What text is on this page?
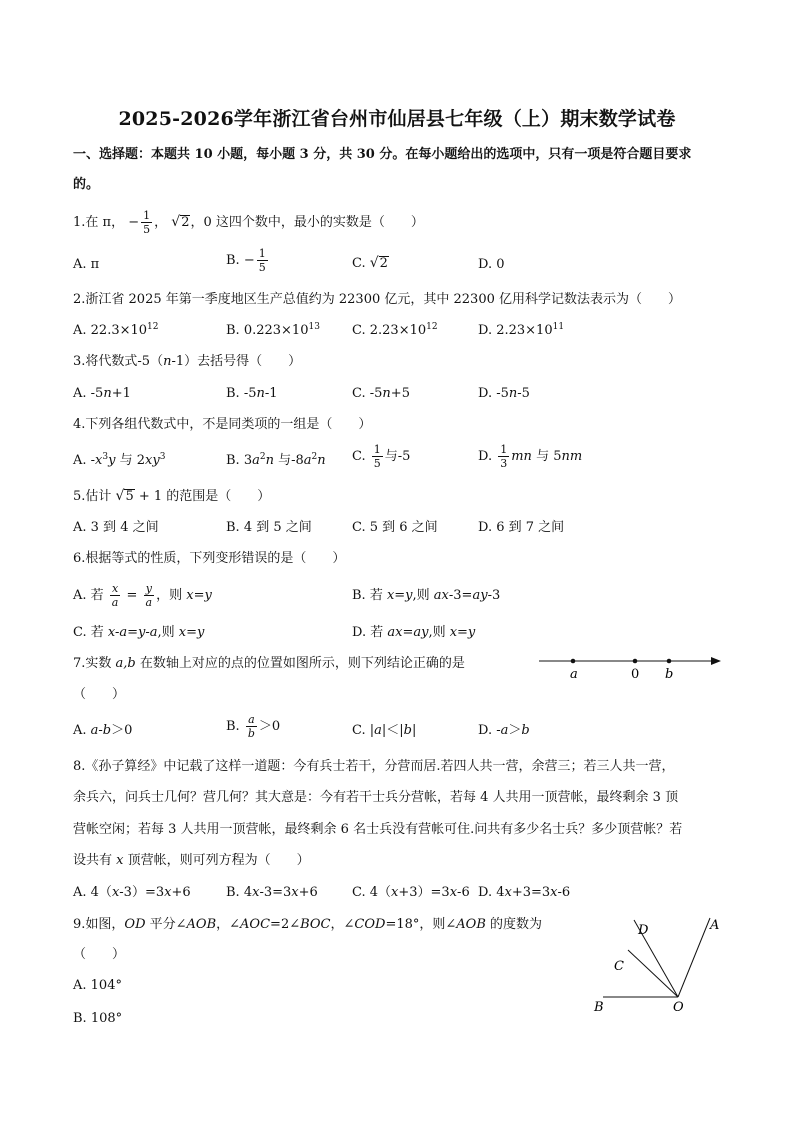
2025-2026学年浙江省台州市仙居县七年级（上）期末数学试卷
一、选择题：本题共 10 小题，每小题 3 分，共 30 分。在每小题给出的选项中，只有一项是符合题目要求
的。
1.在 π， − $\frac{1}{5}$ ， √2，0 这四个数中，最小的实数是（　　）
A. π	B. − $\frac{1}{5}$	C. √2	D. 0
2.浙江省 2025 年第一季度地区生产总值约为 22300 亿元，其中 22300 亿用科学记数法表示为（　　）
A. $22.3\times 10^{12}$	B. $0.223\times 10^{13}$ C. $2.23\times 10^{12}$	D. $2.23\times 10^{11}$
3.将代数式-5（n-1）去括号得（　　）
A. -5n+1	B. -5n-1	C. -5n+5	D. -5n-5
4.下列各组代数式中，不是同类项的一组是（　　）
A. $-x^3y$ 与 $2xy^3$	B. $3a^2n$ 与$-8a^2n$ C. $\frac{1}{5}$ 与-5	D. $\frac{1}{3}$ mn 与 5nm
5.估计 √5 + 1 的范围是（　　）
A. 3 到 4 之间	B. 4 到 5 之间	C. 5 到 6 之间	D. 6 到 7 之间
6.根据等式的性质，下列变形错误的是（　　）
A. 若 $\frac{x}{a} = \frac{y}{a}$ ，则 x=y	B. 若 x=y,则 ax-3=ay-3
C. 若 x-a=y-a,则 x=y	D. 若 ax=ay,则 x=y
7.实数 a,b 在数轴上对应的点的位置如图所示，则下列结论正确的是
（　　）
a	0 b
A. a-b＞0	B. $\frac{a}{b} >0$	C. |a|＜|b|	D. -a＞b
8.《孙子算经》中记载了这样一道题：今有兵士若干，分营而居.若四人共一营，余营三；若三人共一营，
余兵六，问兵士几何？营几何？其大意是：今有若干士兵分营帐，若每 4 人共用一顶营帐，最终剩余 3 顶
营帐空闲；若每 3 人共用一顶营帐，最终剩余 6 名士兵没有营帐可住.问共有多少名士兵？多少顶营帐？若
设共有 x 顶营帐，则可列方程为（　　）
A. 4（x-3）=3x+6	B. 4x-3=3x+6	C. 4（x+3）=3x-6 D. 4x+3=3x-6
9.如图，OD 平分∠AOB，∠AOC=2∠BOC，∠COD=18°，则∠AOB 的度数为
（　　）
A. 104°
B. 108°
D	A
C
B	O
